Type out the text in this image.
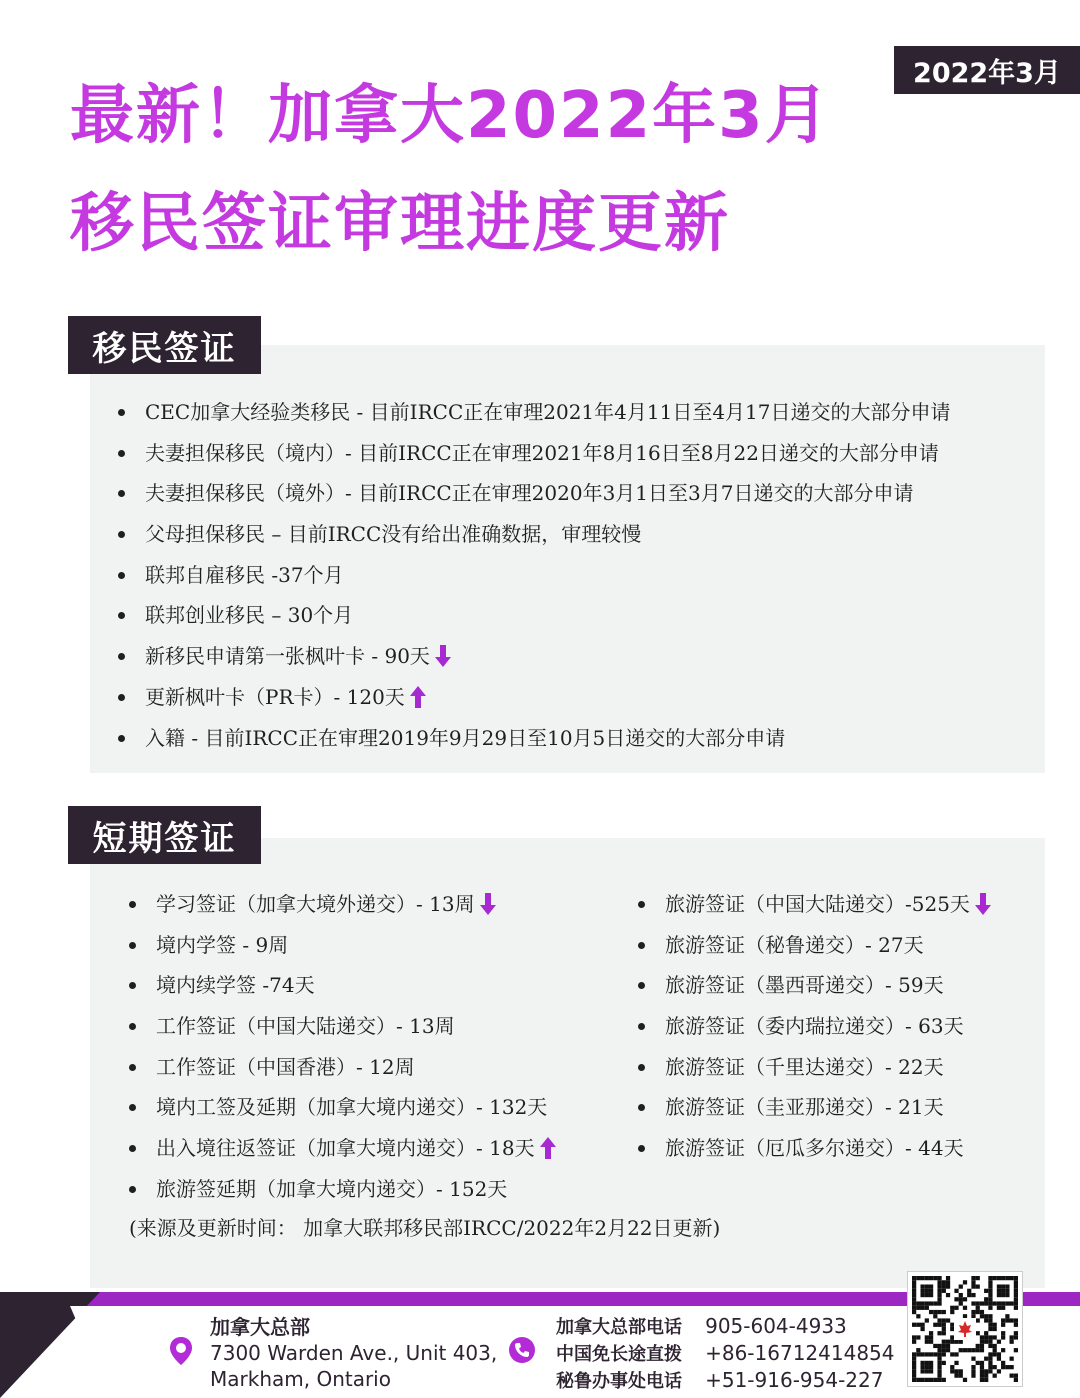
2022年3月
最新！加拿大2022年3月
移民签证审理进度更新
移民签证
CEC加拿大经验类移民 - 目前IRCC正在审理2021年4月11日至4月17日递交的大部分申请
夫妻担保移民（境内）- 目前IRCC正在审理2021年8月16日至8月22日递交的大部分申请
夫妻担保移民（境外）- 目前IRCC正在审理2020年3月1日至3月7日递交的大部分申请
父母担保移民 – 目前IRCC没有给出准确数据，审理较慢
联邦自雇移民 -37个月
联邦创业移民 – 30个月
新移民申请第一张枫叶卡 - 90天
更新枫叶卡（PR卡）- 120天
入籍 - 目前IRCC正在审理2019年9月29日至10月5日递交的大部分申请
短期签证
学习签证（加拿大境外递交）- 13周
境内学签 - 9周
境内续学签 -74天
工作签证（中国大陆递交）- 13周
工作签证（中国香港）- 12周
境内工签及延期（加拿大境内递交）- 132天
出入境往返签证（加拿大境内递交）- 18天
旅游签延期（加拿大境内递交）- 152天
旅游签证（中国大陆递交）-525天
旅游签证（秘鲁递交）- 27天
旅游签证（墨西哥递交）- 59天
旅游签证（委内瑞拉递交）- 63天
旅游签证（千里达递交）- 22天
旅游签证（圭亚那递交）- 21天
旅游签证（厄瓜多尔递交）- 44天
(来源及更新时间： 加拿大联邦移民部IRCC/2022年2月22日更新)
加拿大总部
7300 Warden Ave., Unit 403,
Markham, Ontario
加拿大总部电话 905-604-4933
中国免长途直拨 +86-16712414854
秘鲁办事处电话 +51-916-954-227
